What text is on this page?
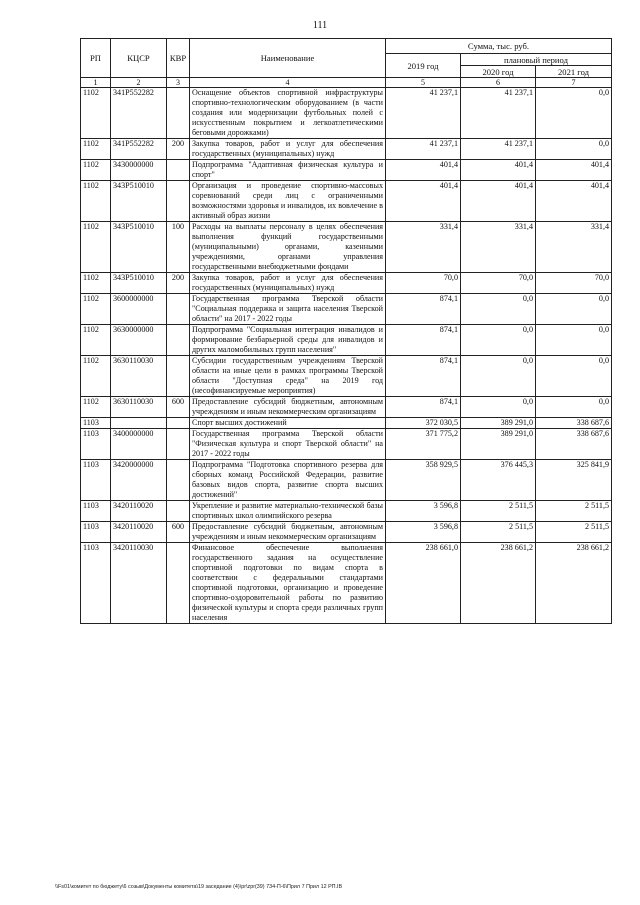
111
РП	КЦСР	КВР	Наименование	Сумма, тыс. руб.		
				2019 год	плановый период	
					2020 год	2021 год
1	2	3	4	5	6	7
1102	341P552282		Оснащение объектов спортивной инфраструктуры спортивно-технологическим оборудованием (в части создания или модернизации футбольных полей с искусственным покрытием и легкоатлетическими беговыми дорожками)	41 237,1	41 237,1	0,0
1102	341P552282	200	Закупка товаров, работ и услуг для обеспечения государственных (муниципальных) нужд	41 237,1	41 237,1	0,0
1102	3430000000		Подпрограмма "Адаптивная физическая культура и спорт"	401,4	401,4	401,4
1102	343P510010		Организация и проведение спортивно-массовых соревнований среди лиц с ограниченными возможностями здоровья и инвалидов, их вовлечение в активный образ жизни	401,4	401,4	401,4
1102	343P510010	100	Расходы на выплаты персоналу в целях обеспечения выполнения функций государственными (муниципальными) органами, казенными учреждениями, органами управления государственными внебюджетными фондами	331,4	331,4	331,4
1102	343P510010	200	Закупка товаров, работ и услуг для обеспечения государственных (муниципальных) нужд	70,0	70,0	70,0
1102	3600000000		Государственная программа Тверской области "Социальная поддержка и защита населения Тверской области" на 2017 - 2022 годы	874,1	0,0	0,0
1102	3630000000		Подпрограмма "Социальная интеграция инвалидов и формирование безбарьерной среды для инвалидов и других маломобильных групп населения"	874,1	0,0	0,0
1102	3630110030		Субсидии государственным учреждениям Тверской области на иные цели в рамках программы Тверской области "Доступная среда" на 2019 год (несофинансируемые мероприятия)	874,1	0,0	0,0
1102	3630110030	600	Предоставление субсидий бюджетным, автономным учреждениям и иным некоммерческим организациям	874,1	0,0	0,0
1103			Спорт высших достижений	372 030,5	389 291,0	338 687,6
1103	3400000000		Государственная программа Тверской области "Физическая культура и спорт Тверской области" на 2017 - 2022 годы	371 775,2	389 291,0	338 687,6
1103	3420000000		Подпрограмма "Подготовка спортивного резерва для сборных команд Российской Федерации, развитие базовых видов спорта, развитие спорта высших достижений"	358 929,5	376 445,3	325 841,9
1103	3420110020		Укрепление и развитие материально-технической базы спортивных школ олимпийского резерва	3 596,8	2 511,5	2 511,5
1103	3420110020	600	Предоставление субсидий бюджетным, автономным учреждениям и иным некоммерческим организациям	3 596,8	2 511,5	2 511,5
1103	3420110030		Финансовое обеспечение выполнения государственного задания на осуществление спортивной подготовки по видам спорта в соответствии с федеральными стандартами спортивной подготовки, организацию и проведение спортивно-оздоровительной работы по развитию физической культуры и спорта среди различных групп населения	238 661,0	238 661,2	238 661,2
\\Fs01\комитет по бюджету\6 созыв\Документы комитета\19 заседание (4)\pr\zpr(39) 734-П-6\Прил 7 Прил 12 РП.IB
